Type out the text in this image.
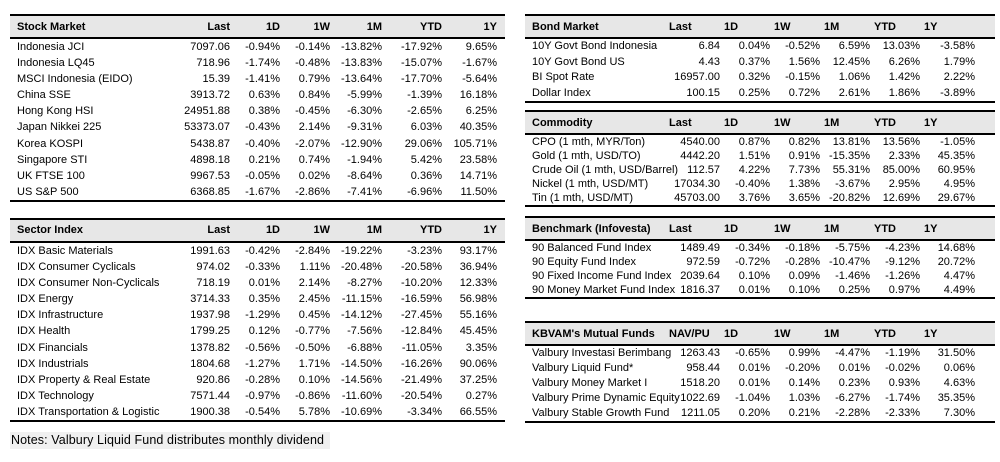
Stock Market	Last	1D	1W	1M	YTD	1Y
Indonesia JCI	7097.06	-0.94%	-0.14%	-13.82%	-17.92%	9.65%
Indonesia LQ45	718.96	-1.74%	-0.48%	-13.83%	-15.07%	-1.67%
MSCI Indonesia (EIDO)	15.39	-1.41%	0.79%	-13.64%	-17.70%	-5.64%
China SSE	3913.72	0.63%	0.84%	-5.99%	-1.39%	16.18%
Hong Kong HSI	24951.88	0.38%	-0.45%	-6.30%	-2.65%	6.25%
Japan Nikkei 225	53373.07	-0.43%	2.14%	-9.31%	6.03%	40.35%
Korea KOSPI	5438.87	-0.40%	-2.07%	-12.90%	29.06%	105.71%
Singapore STI	4898.18	0.21%	0.74%	-1.94%	5.42%	23.58%
UK FTSE 100	9967.53	-0.05%	0.02%	-8.64%	0.36%	14.71%
US S&P 500	6368.85	-1.67%	-2.86%	-7.41%	-6.96%	11.50%
Sector Index	Last	1D	1W	1M	YTD	1Y
IDX Basic Materials	1991.63	-0.42%	-2.84%	-19.22%	-3.23%	93.17%
IDX Consumer Cyclicals	974.02	-0.33%	1.11%	-20.48%	-20.58%	36.94%
IDX Consumer Non-Cyclicals	718.19	0.01%	2.14%	-8.27%	-10.20%	12.33%
IDX Energy	3714.33	0.35%	2.45%	-11.15%	-16.59%	56.98%
IDX Infrastructure	1937.98	-1.29%	0.45%	-14.12%	-27.45%	55.16%
IDX Health	1799.25	0.12%	-0.77%	-7.56%	-12.84%	45.45%
IDX Financials	1378.82	-0.56%	-0.50%	-6.88%	-11.05%	3.35%
IDX Industrials	1804.68	-1.27%	1.71%	-14.50%	-16.26%	90.06%
IDX Property & Real Estate	920.86	-0.28%	0.10%	-14.56%	-21.49%	37.25%
IDX Technology	7571.44	-0.97%	-0.86%	-11.60%	-20.54%	0.27%
IDX Transportation & Logistic	1900.38	-0.54%	5.78%	-10.69%	-3.34%	66.55%
Notes: Valbury Liquid Fund distributes monthly dividend
Bond Market	Last	1D	1W	1M	YTD	1Y
10Y Govt Bond Indonesia	6.84	0.04%	-0.52%	6.59%	13.03%	-3.58%
10Y Govt Bond US	4.43	0.37%	1.56%	12.45%	6.26%	1.79%
BI Spot Rate	16957.00	0.32%	-0.15%	1.06%	1.42%	2.22%
Dollar Index	100.15	0.25%	0.72%	2.61%	1.86%	-3.89%
Commodity	Last	1D	1W	1M	YTD	1Y
CPO (1 mth, MYR/Ton)	4540.00	0.87%	0.82%	13.81%	13.56%	-1.05%
Gold (1 mth, USD/TO)	4442.20	1.51%	0.91%	-15.35%	2.33%	45.35%
Crude Oil (1 mth, USD/Barrel)	112.57	4.22%	7.73%	55.31%	85.00%	60.95%
Nickel (1 mth, USD/MT)	17034.30	-0.40%	1.38%	-3.67%	2.95%	4.95%
Tin (1 mth, USD/MT)	45703.00	3.76%	3.65%	-20.82%	12.69%	29.67%
Benchmark (Infovesta)	Last	1D	1W	1M	YTD	1Y
90 Balanced Fund Index	1489.49	-0.34%	-0.18%	-5.75%	-4.23%	14.68%
90 Equity Fund Index	972.59	-0.72%	-0.28%	-10.47%	-9.12%	20.72%
90 Fixed Income Fund Index	2039.64	0.10%	0.09%	-1.46%	-1.26%	4.47%
90 Money Market Fund Index	1816.37	0.01%	0.10%	0.25%	0.97%	4.49%
KBVAM's Mutual Funds	NAV/PU	1D	1W	1M	YTD	1Y
Valbury Investasi Berimbang	1263.43	-0.65%	0.99%	-4.47%	-1.19%	31.50%
Valbury Liquid Fund*	958.44	0.01%	-0.20%	0.01%	-0.02%	0.06%
Valbury Money Market I	1518.20	0.01%	0.14%	0.23%	0.93%	4.63%
Valbury Prime Dynamic Equity	1022.69	-1.04%	1.03%	-6.27%	-1.74%	35.35%
Valbury Stable Growth Fund	1211.05	0.20%	0.21%	-2.28%	-2.33%	7.30%
